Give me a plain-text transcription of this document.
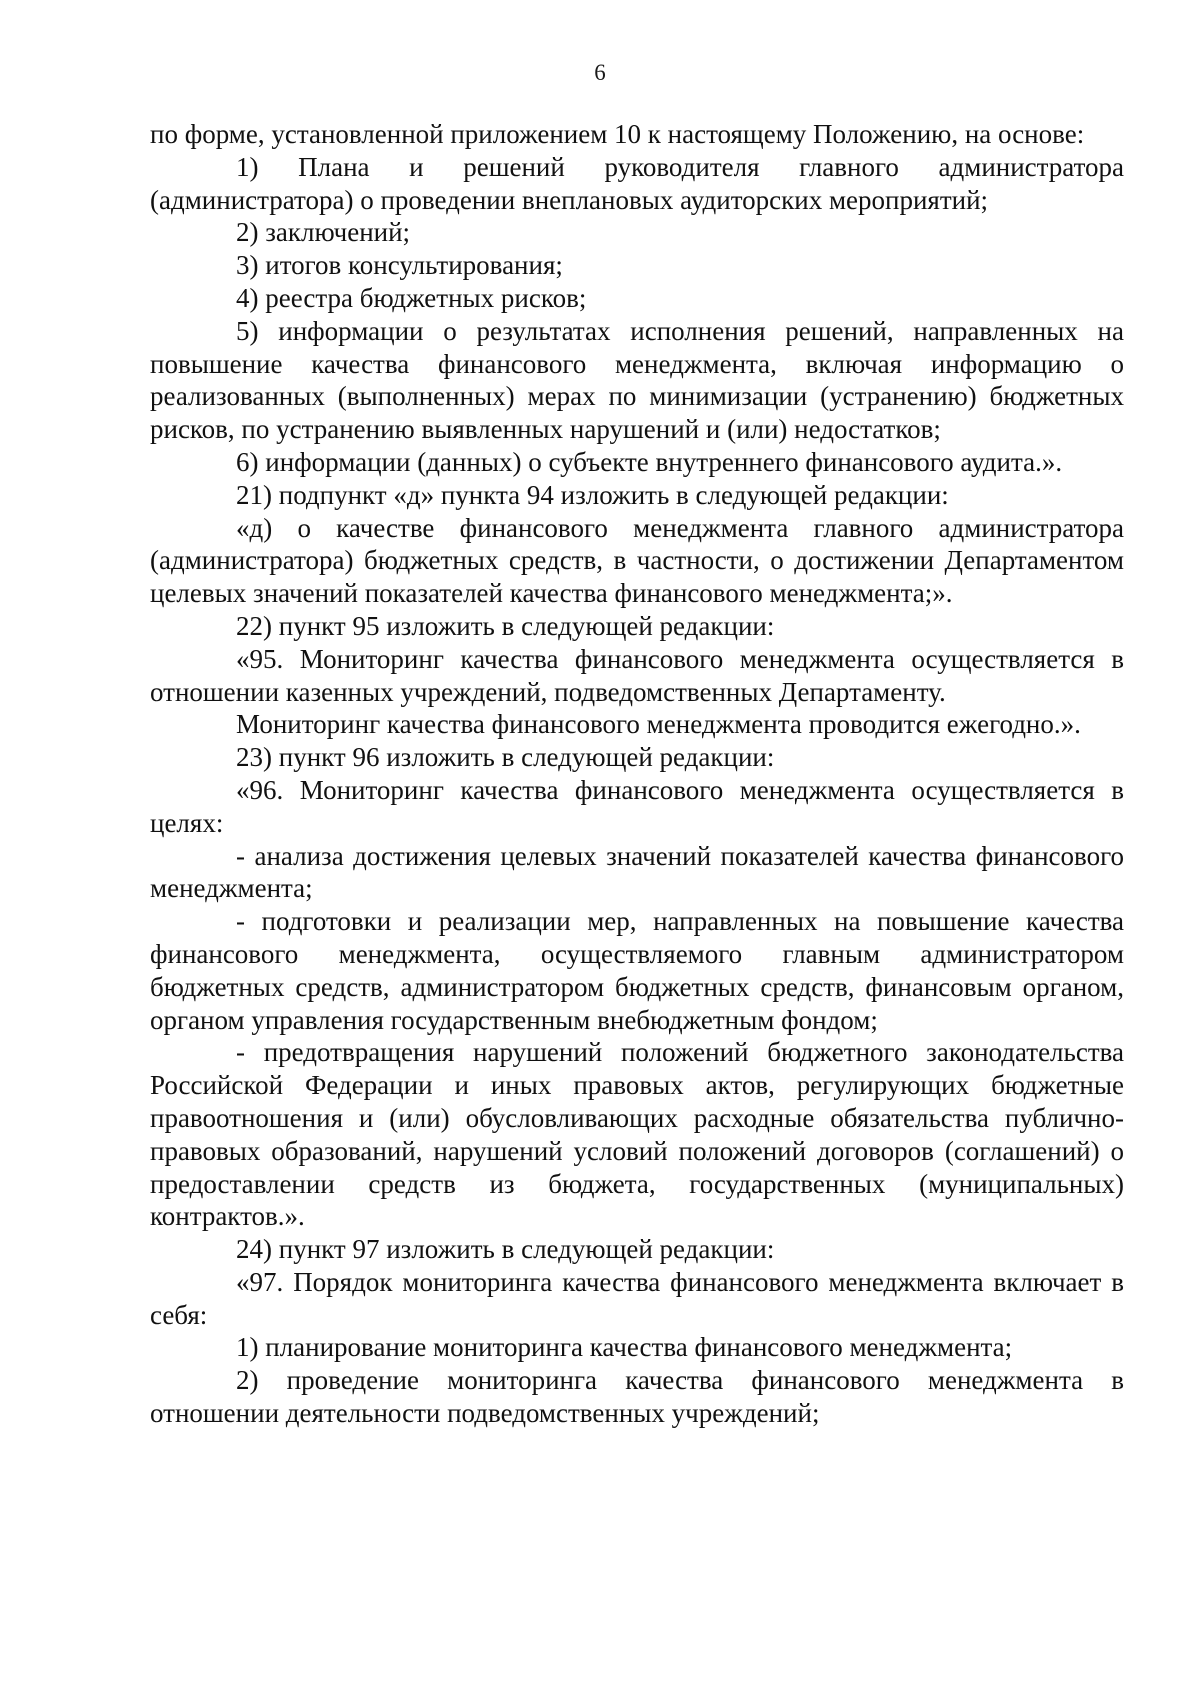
6

по форме, установленной приложением 10 к настоящему Положению, на основе:

1) Плана и решений руководителя главного администратора (администратора) о проведении внеплановых аудиторских мероприятий;

2) заключений;

3) итогов консультирования;

4) реестра бюджетных рисков;

5) информации о результатах исполнения решений, направленных на повышение качества финансового менеджмента, включая информацию о реализованных (выполненных) мерах по минимизации (устранению) бюджетных рисков, по устранению выявленных нарушений и (или) недостатков;

6) информации (данных) о субъекте внутреннего финансового аудита.».

21) подпункт «д» пункта 94 изложить в следующей редакции:

«д) о качестве финансового менеджмента главного администратора (администратора) бюджетных средств, в частности, о достижении Департаментом целевых значений показателей качества финансового менеджмента;».

22) пункт 95 изложить в следующей редакции:

«95. Мониторинг качества финансового менеджмента осуществляется в отношении казенных учреждений, подведомственных Департаменту.

Мониторинг качества финансового менеджмента проводится ежегодно.».

23) пункт 96 изложить в следующей редакции:

«96. Мониторинг качества финансового менеджмента осуществляется в целях:

- анализа достижения целевых значений показателей качества финансового менеджмента;

- подготовки и реализации мер, направленных на повышение качества финансового менеджмента, осуществляемого главным администратором бюджетных средств, администратором бюджетных средств, финансовым органом, органом управления государственным внебюджетным фондом;

- предотвращения нарушений положений бюджетного законодательства Российской Федерации и иных правовых актов, регулирующих бюджетные правоотношения и (или) обусловливающих расходные обязательства публично-правовых образований, нарушений условий положений договоров (соглашений) о предоставлении средств из бюджета, государственных (муниципальных) контрактов.».

24) пункт 97 изложить в следующей редакции:

«97. Порядок мониторинга качества финансового менеджмента включает в себя:

1) планирование мониторинга качества финансового менеджмента;

2) проведение мониторинга качества финансового менеджмента в отношении деятельности подведомственных учреждений;
